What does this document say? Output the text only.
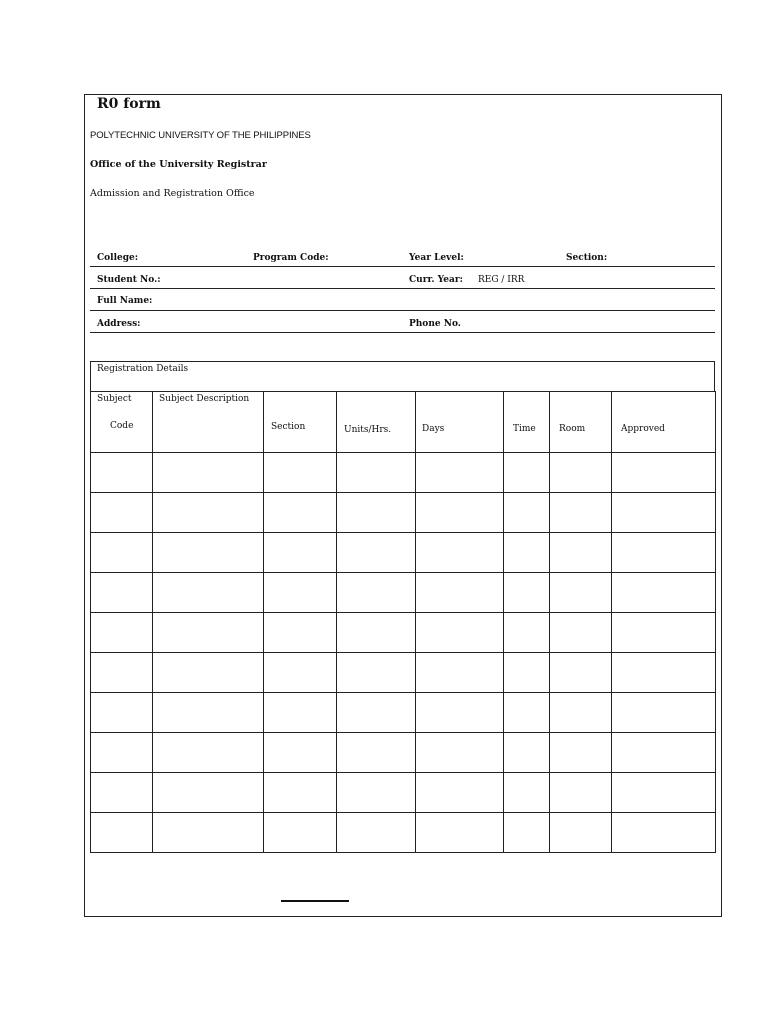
R0 form
POLYTECHNIC UNIVERSITY OF THE PHILIPPINES
Office of the University Registrar
Admission and Registration Office
College:	Program Code:	Year Level:	Section:
Student No.:	Curr. Year: REG / IRR
Full Name:
Address:	Phone No.
Registration Details
Subject
Code	Subject Description	Section	Units/Hrs.	Days	Time	Room	Approved
